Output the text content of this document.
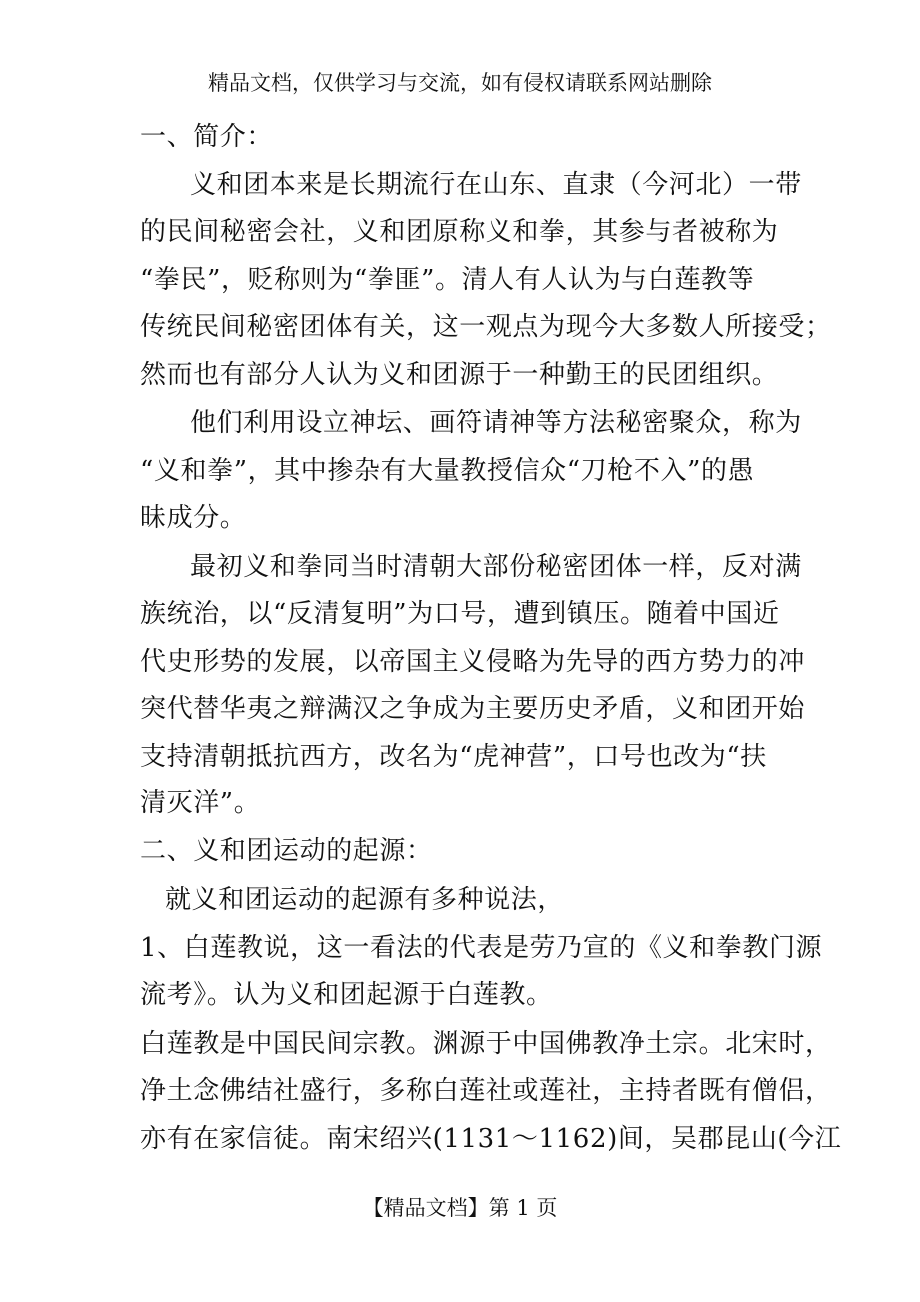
精品文档，仅供学习与交流，如有侵权请联系网站删除
一、简介：
义和团本来是长期流行在山东、直隶（今河北）一带
的民间秘密会社，义和团原称义和拳，其参与者被称为
“拳民”，贬称则为“拳匪”。清人有人认为与白莲教等
传统民间秘密团体有关，这一观点为现今大多数人所接受；
然而也有部分人认为义和团源于一种勤王的民团组织。
他们利用设立神坛、画符请神等方法秘密聚众，称为
“义和拳”，其中掺杂有大量教授信众“刀枪不入”的愚
昧成分。
最初义和拳同当时清朝大部份秘密团体一样，反对满
族统治，以“反清复明”为口号，遭到镇压。随着中国近
代史形势的发展，以帝国主义侵略为先导的西方势力的冲
突代替华夷之辩满汉之争成为主要历史矛盾，义和团开始
支持清朝抵抗西方，改名为“虎神营”，口号也改为“扶
清灭洋”。
二、义和团运动的起源：
就义和团运动的起源有多种说法，
1、白莲教说，这一看法的代表是劳乃宣的《义和拳教门源
流考》。认为义和团起源于白莲教。
白莲教是中国民间宗教。渊源于中国佛教净土宗。北宋时，
净土念佛结社盛行，多称白莲社或莲社，主持者既有僧侣，
亦有在家信徒。南宋绍兴(1131～1162)间，吴郡昆山(今江
【精品文档】第 1 页
